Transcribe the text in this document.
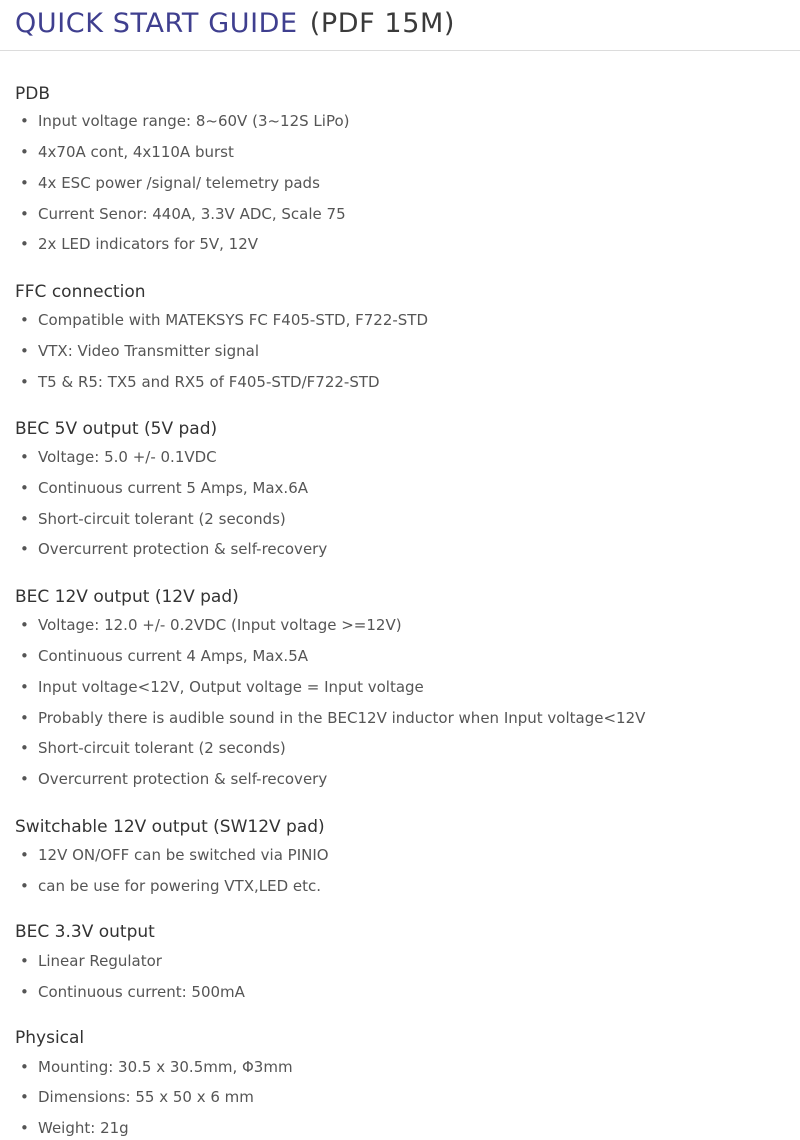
QUICK START GUIDE (PDF 15M)
PDB
• Input voltage range: 8~60V (3~12S LiPo)
• 4x70A cont, 4x110A burst
• 4x ESC power /signal/ telemetry pads
• Current Senor: 440A, 3.3V ADC, Scale 75
• 2x LED indicators for 5V, 12V
FFC connection
• Compatible with MATEKSYS FC F405-STD, F722-STD
• VTX: Video Transmitter signal
• T5 & R5: TX5 and RX5 of F405-STD/F722-STD
BEC 5V output (5V pad)
• Voltage: 5.0 +/- 0.1VDC
• Continuous current 5 Amps, Max.6A
• Short-circuit tolerant (2 seconds)
• Overcurrent protection & self-recovery
BEC 12V output (12V pad)
• Voltage: 12.0 +/- 0.2VDC (Input voltage >=12V)
• Continuous current 4 Amps, Max.5A
• Input voltage<12V, Output voltage = Input voltage
• Probably there is audible sound in the BEC12V inductor when Input voltage<12V
• Short-circuit tolerant (2 seconds)
• Overcurrent protection & self-recovery
Switchable 12V output (SW12V pad)
• 12V ON/OFF can be switched via PINIO
• can be use for powering VTX,LED etc.
BEC 3.3V output
• Linear Regulator
• Continuous current: 500mA
Physical
• Mounting: 30.5 x 30.5mm, Φ3mm
• Dimensions: 55 x 50 x 6 mm
• Weight: 21g
